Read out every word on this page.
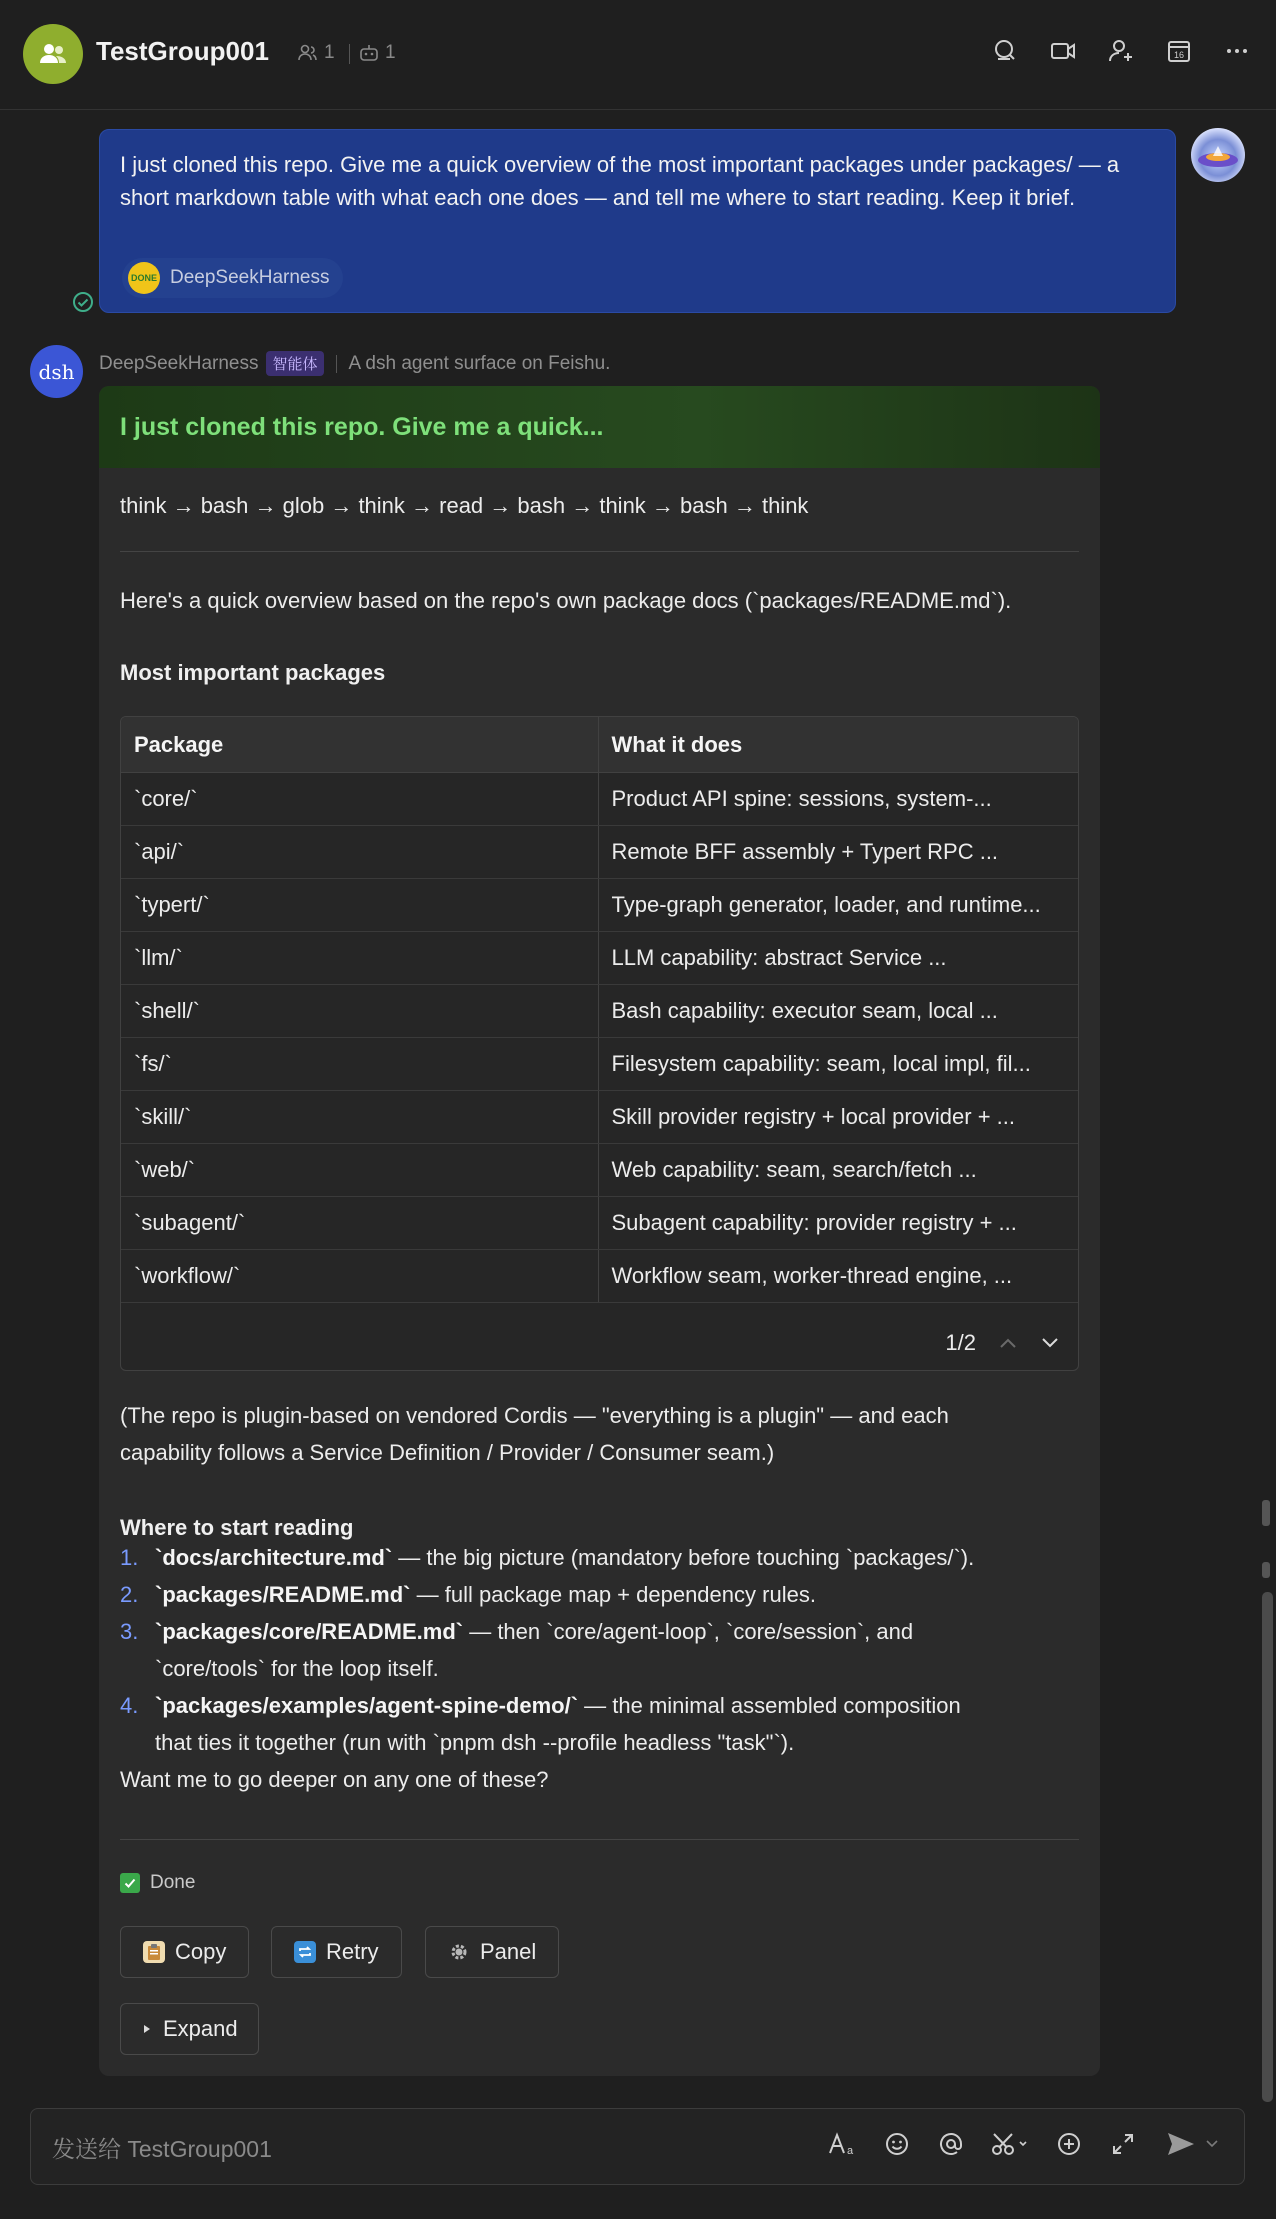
TestGroup001	1	1	16
I just cloned this repo. Give me a quick overview of the most important packages under packages/ — a short markdown table with what each one does — and tell me where to start reading. Keep it brief.
DONE DeepSeekHarness
dsh	DeepSeekHarness 智能体	A dsh agent surface on Feishu.
I just cloned this repo. Give me a quick...
think → bash → glob → think → read → bash → think → bash → think
Here's a quick overview based on the repo's own package docs (`packages/README.md`).
Most important packages
Package	What it does
`core/`	Product API spine: sessions, system-...
`api/`	Remote BFF assembly + Typert RPC ...
`typert/`	Type-graph generator, loader, and runtime...
`llm/`	LLM capability: abstract Service ...
`shell/`	Bash capability: executor seam, local ...
`fs/`	Filesystem capability: seam, local impl, fil...
`skill/`	Skill provider registry + local provider + ...
`web/`	Web capability: seam, search/fetch ...
`subagent/`	Subagent capability: provider registry + ...
`workflow/`	Workflow seam, worker-thread engine, ...
1/2
(The repo is plugin-based on vendored Cordis — "everything is a plugin" — and each
capability follows a Service Definition / Provider / Consumer seam.)
Where to start reading
1. `docs/architecture.md` — the big picture (mandatory before touching `packages/`).
2. `packages/README.md` — full package map + dependency rules.
3. `packages/core/README.md` — then `core/agent-loop`, `core/session`, and
`core/tools` for the loop itself.
4. `packages/examples/agent-spine-demo/` — the minimal assembled composition
that ties it together (run with `pnpm dsh --profile headless "task"`).
Want me to go deeper on any one of these?
Done
Copy	Retry	Panel
Expand
发送给 TestGroup001	a
